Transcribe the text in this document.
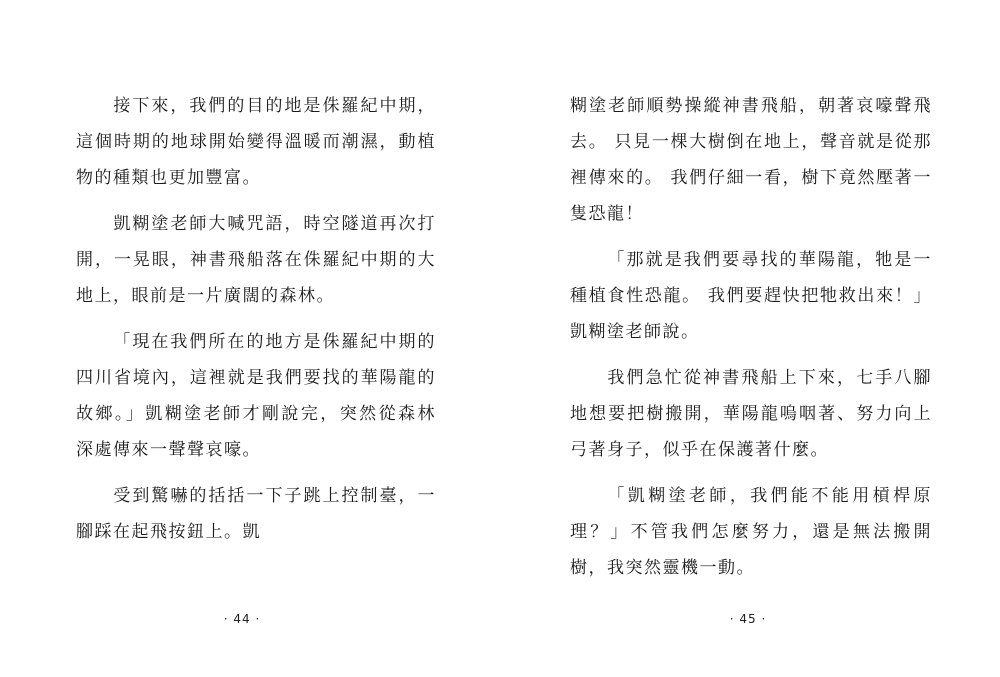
接下來，我們的目的地是侏羅紀中期，這個時期的地球開始變得溫暖而潮濕，動植物的種類也更加豐富。

凱糊塗老師大喊咒語，時空隧道再次打開，一晃眼，神書飛船落在侏羅紀中期的大地上，眼前是一片廣闊的森林。

「現在我們所在的地方是侏羅紀中期的四川省境內，這裡就是我們要找的華陽龍的故鄉。」凱糊塗老師才剛說完，突然從森林深處傳來一聲聲哀嚎。

受到驚嚇的括括一下子跳上控制臺，一腳踩在起飛按鈕上。凱

· 44 ·

糊塗老師順勢操縱神書飛船，朝著哀嚎聲飛去。 只見一棵大樹倒在地上，聲音就是從那裡傳來的。 我們仔細一看，樹下竟然壓著一隻恐龍！

「那就是我們要尋找的華陽龍，牠是一種植食性恐龍。 我們要趕快把牠救出來！」凱糊塗老師說。

我們急忙從神書飛船上下來，七手八腳地想要把樹搬開，華陽龍嗚咽著、努力向上弓著身子，似乎在保護著什麼。

「凱糊塗老師，我們能不能用槓桿原理？」不管我們怎麼努力，還是無法搬開樹，我突然靈機一動。

· 45 ·
